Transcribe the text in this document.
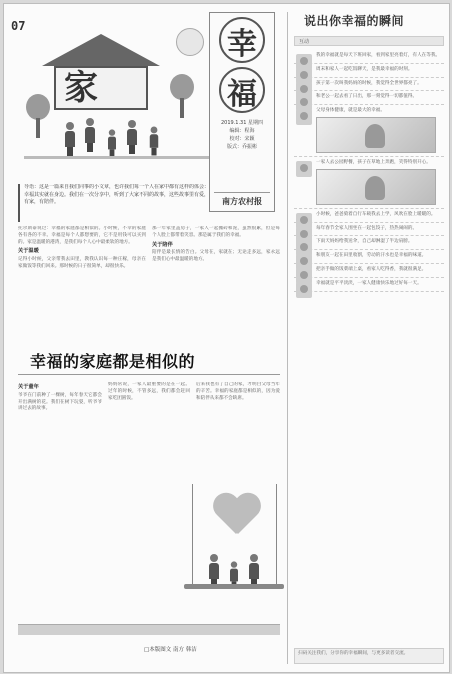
07
家
幸
福
2019.1.31 星期四
编辑：程海
校对：宋颖
版式：乔振彬
南方农村报
导语：这是一篇来自我们同事的小文章，也许我们每一个人在家中都有这样的体会：幸福其实就在身边。我们在一次分享中，听到了大家不同的故事，这些故事里有爱，有家，有陪伴。
托尔斯泰说过：幸福的家庭都是相似的。小时候，不幸的家庭各有各的不幸。幸福是每个人都想要的，它不是用钱可以买到的。家是温暖的港湾，是我们每个人心中最柔软的地方。
关于温暖
记得小时候，父亲带我去田里，教我认识每一种庄稼，母亲在家做饭等我们回来。那时候的日子很简单，却很快乐。
那一年家里盖房子，一家人一起搬砖和泥，虽然很累，但是每个人脸上都带着笑容。那是属于我们的幸福。
关于陪伴
陪伴是最长情的告白。父母在，家就在；无论走多远，家永远是我们心中最温暖的地方。
幸福的家庭都是相似的
关于童年
爷爷在门前种了一棵树，每年春天它都会开出满树的花。我们在树下玩耍，听爷爷讲过去的故事。
妈妈常说，一家人最重要的是在一起。过年的时候，不管多远，我们都会赶回家吃团圆饭。
后来我也有了自己的家，才明白父母当年的辛苦。幸福的家庭都是相似的，因为爱和陪伴从来都不会缺席。
□本版图文 南方 韩洁
说出你幸福的瞬间
互动
我的幸福就是每天下班回家，看到家里亮着灯，有人在等我。
周末和家人一起吃饭聊天，是我最幸福的时刻。
孩子第一次叫我妈妈的时候，我觉得全世界都亮了。
和老公一起去看了日出，那一刻觉得一切都值得。
父母身体健康，就是最大的幸福。
一家人去公园野餐，孩子在草地上奔跑，笑得特别开心。
小时候，爸爸骑着自行车载我去上学，风吹在脸上暖暖的。
每年春节全家人围坐在一起包饺子，热热闹闹的。
下雨天妈妈给我送伞，自己却淋湿了半边肩膀。
和朋友一起在田里收割，劳动的汗水也是幸福的味道。
把亲手做的饭菜端上桌，看家人吃得香，我就很满足。
幸福就是平平淡淡，一家人健康快乐地过好每一天。
扫码关注我们，分享你的幸福瞬间，与更多读者交流。
